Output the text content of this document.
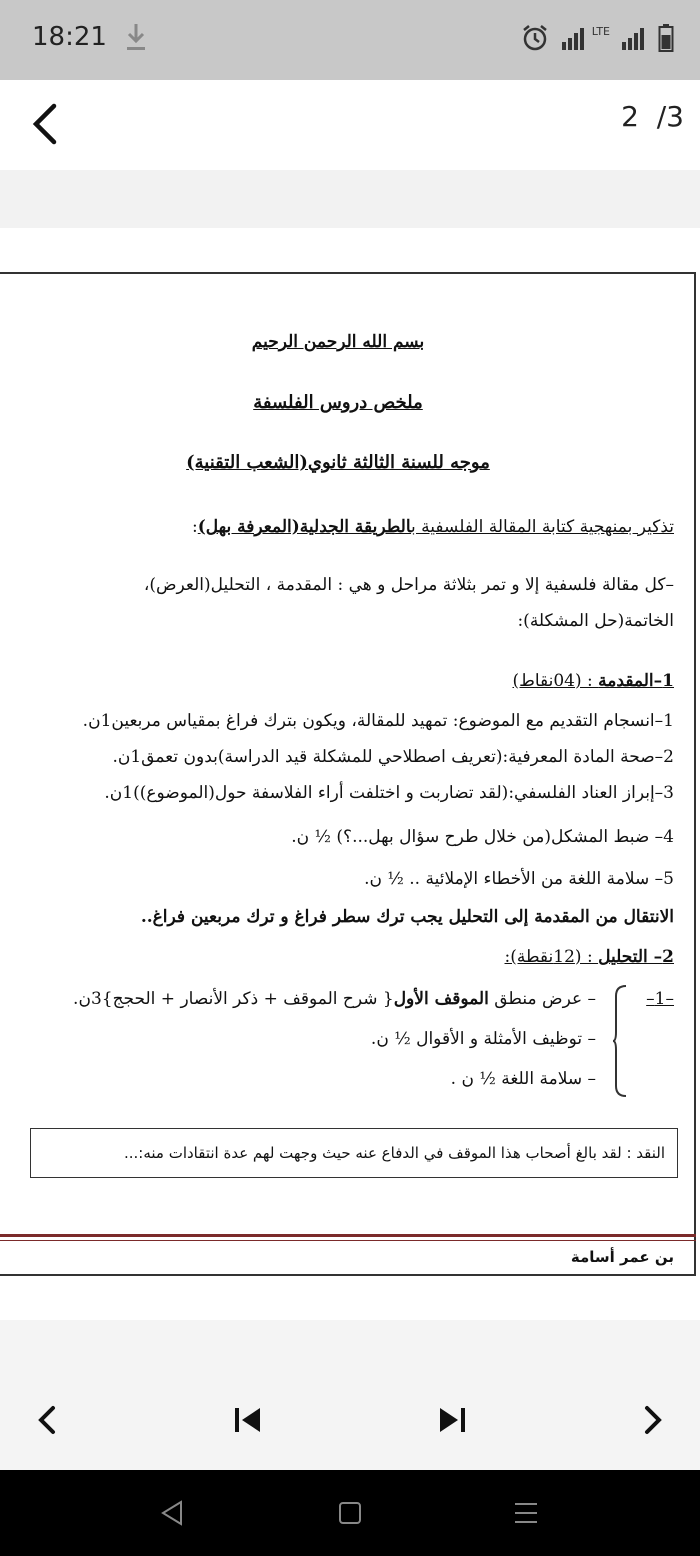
18:21	LTE
2  /3
بسم الله الرحمن الرحيم
ملخص دروس الفلسفة
موجه للسنة الثالثة ثانوي(الشعب التقنية)
تذكير بمنهجية كتابة المقالة الفلسفية بالطريقة الجدلية(المعرفة بهل):
–كل مقالة فلسفية إلا و تمر بثلاثة مراحل و هي : المقدمة ، التحليل(العرض)،
الخاتمة(حل المشكلة):
1–المقدمة : (04نقاط)
1–انسجام التقديم مع الموضوع: تمهيد للمقالة، ويكون بترك فراغ بمقياس مربعين1ن.
2–صحة المادة المعرفية:(تعريف اصطلاحي للمشكلة قيد الدراسة)بدون تعمق1ن.
3–إبراز العناد الفلسفي:(لقد تضاربت و اختلفت أراء الفلاسفة حول(الموضوع))1ن.
4– ضبط المشكل(من خلال طرح سؤال بهل...؟) ½ ن.
5– سلامة اللغة من الأخطاء الإملائية .. ½ ن.
الانتقال من المقدمة إلى التحليل يجب ترك سطر فراغ و ترك مربعين فراغ..
2– التحليل : (12نقطة):
–1–
– عرض منطق الموقف الأول{ شرح الموقف + ذكر الأنصار + الحجج}3ن.
– توظيف الأمثلة و الأقوال ½ ن.
– سلامة اللغة ½ ن .
النقد : لقد بالغ أصحاب هذا الموقف في الدفاع عنه حيث وجهت لهم عدة انتقادات منه:...
بن عمر أسامة
